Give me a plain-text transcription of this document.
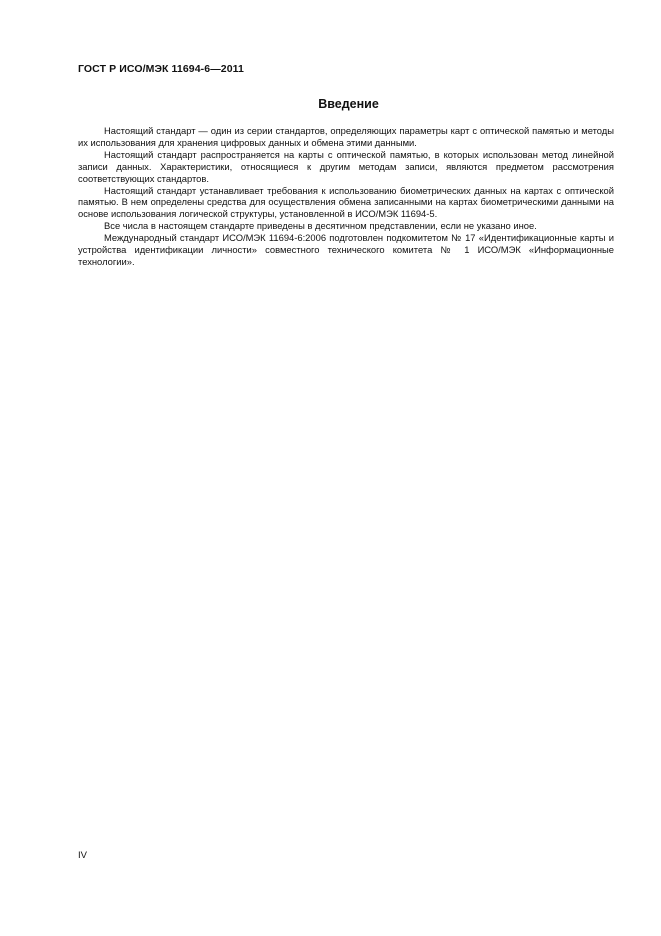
ГОСТ Р ИСО/МЭК 11694-6—2011
Введение

Настоящий стандарт — один из серии стандартов, определяющих параметры карт с оптической памятью и методы их использования для хранения цифровых данных и обмена этими данными.

Настоящий стандарт распространяется на карты с оптической памятью, в которых использован метод линейной записи данных. Характеристики, относящиеся к другим методам записи, являются предметом рассмотрения соответствующих стандартов.

Настоящий стандарт устанавливает требования к использованию биометрических данных на картах с оптической памятью. В нем определены средства для осуществления обмена записанными на картах биометрическими данными на основе использования логической структуры, установленной в ИСО/МЭК 11694-5.

Все числа в настоящем стандарте приведены в десятичном представлении, если не указано иное.

Международный стандарт ИСО/МЭК 11694-6:2006 подготовлен подкомитетом № 17 «Идентификационные карты и устройства идентификации личности» совместного технического комитета № 1 ИСО/МЭК «Информационные технологии».

IV
